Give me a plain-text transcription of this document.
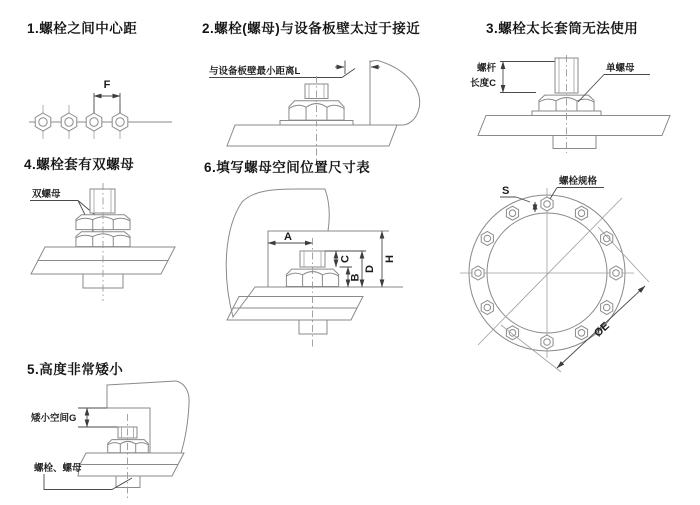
1.螺栓之间中心距	2.螺栓(螺母)与设备板壁太过于接近	3.螺栓太长套筒无法使用
4.螺栓套有双螺母	6.填写螺母空间位置尺寸表
5.高度非常矮小
F
与设备板壁最小距离L	螺杆
长度C
单螺母
双螺母
A
C
B
D
H
矮小空间G
螺栓、螺母
ØE
螺栓规格
S
